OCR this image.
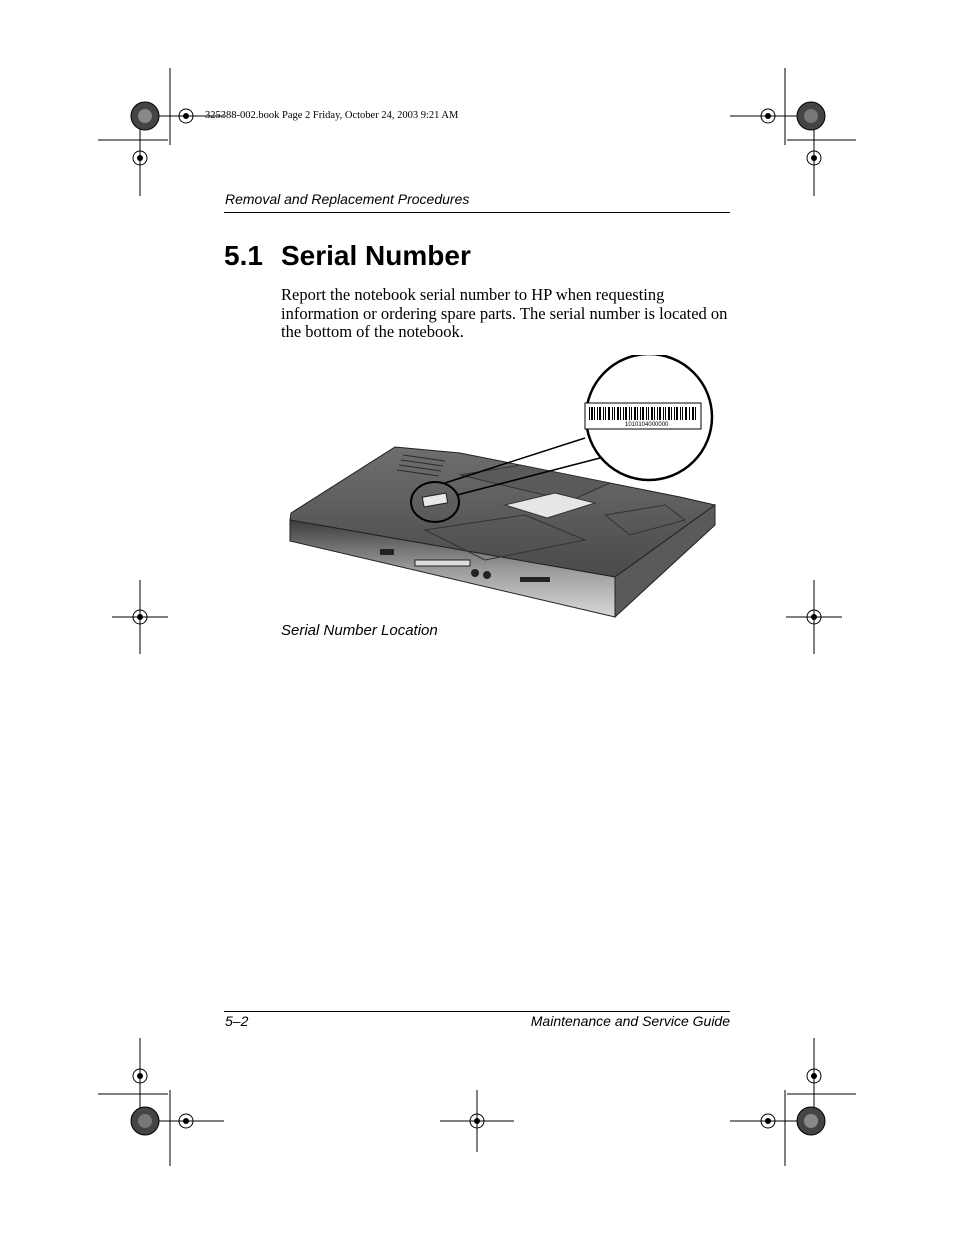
325388-002.book Page 2 Friday, October 24, 2003 9:21 AM
Removal and Replacement Procedures
5.1 Serial Number
Report the notebook serial number to HP when requesting information or ordering spare parts. The serial number is located on the bottom of the notebook.
1010104000000
Serial Number Location
5–2	Maintenance and Service Guide
